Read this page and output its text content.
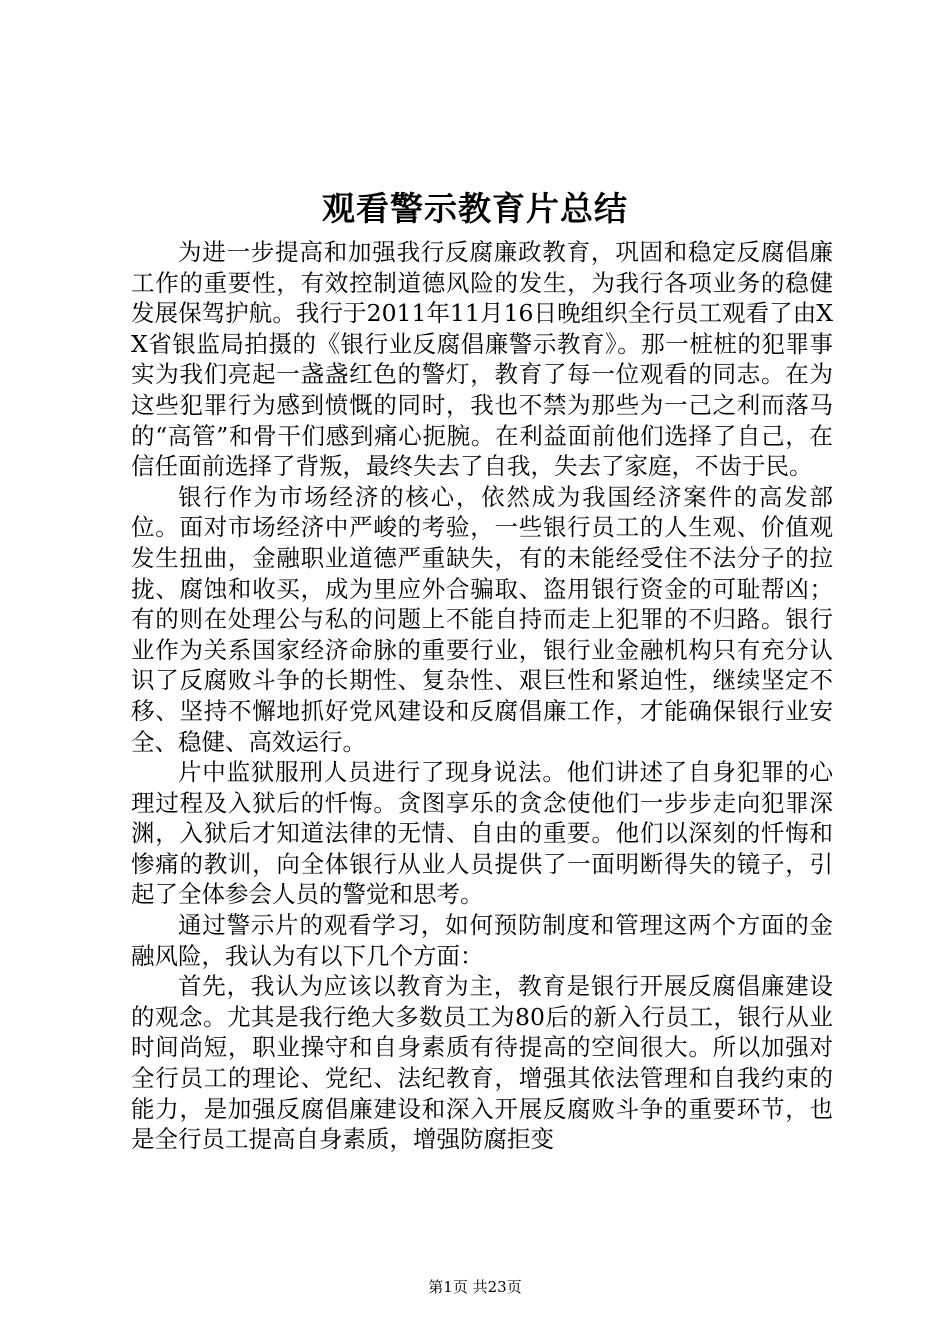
观看警示教育片总结

为进一步提高和加强我行反腐廉政教育，巩固和稳定反腐倡廉工作的重要性，有效控制道德风险的发生，为我行各项业务的稳健发展保驾护航。我行于2011年11月16日晚组织全行员工观看了由XX省银监局拍摄的《银行业反腐倡廉警示教育》。那一桩桩的犯罪事实为我们亮起一盏盏红色的警灯，教育了每一位观看的同志。在为这些犯罪行为感到愤慨的同时，我也不禁为那些为一己之利而落马的“高管”和骨干们感到痛心扼腕。在利益面前他们选择了自己，在信任面前选择了背叛，最终失去了自我，失去了家庭，不齿于民。

银行作为市场经济的核心，依然成为我国经济案件的高发部位。面对市场经济中严峻的考验，一些银行员工的人生观、价值观发生扭曲，金融职业道德严重缺失，有的未能经受住不法分子的拉拢、腐蚀和收买，成为里应外合骗取、盗用银行资金的可耻帮凶；有的则在处理公与私的问题上不能自持而走上犯罪的不归路。银行业作为关系国家经济命脉的重要行业，银行业金融机构只有充分认识了反腐败斗争的长期性、复杂性、艰巨性和紧迫性，继续坚定不移、坚持不懈地抓好党风建设和反腐倡廉工作，才能确保银行业安全、稳健、高效运行。

片中监狱服刑人员进行了现身说法。他们讲述了自身犯罪的心理过程及入狱后的忏悔。贪图享乐的贪念使他们一步步走向犯罪深渊，入狱后才知道法律的无情、自由的重要。他们以深刻的忏悔和惨痛的教训，向全体银行从业人员提供了一面明断得失的镜子，引起了全体参会人员的警觉和思考。

通过警示片的观看学习，如何预防制度和管理这两个方面的金融风险，我认为有以下几个方面：

首先，我认为应该以教育为主，教育是银行开展反腐倡廉建设的观念。尤其是我行绝大多数员工为80后的新入行员工，银行从业时间尚短，职业操守和自身素质有待提高的空间很大。所以加强对全行员工的理论、党纪、法纪教育，增强其依法管理和自我约束的能力，是加强反腐倡廉建设和深入开展反腐败斗争的重要环节，也是全行员工提高自身素质，增强防腐拒变

第1页 共23页
